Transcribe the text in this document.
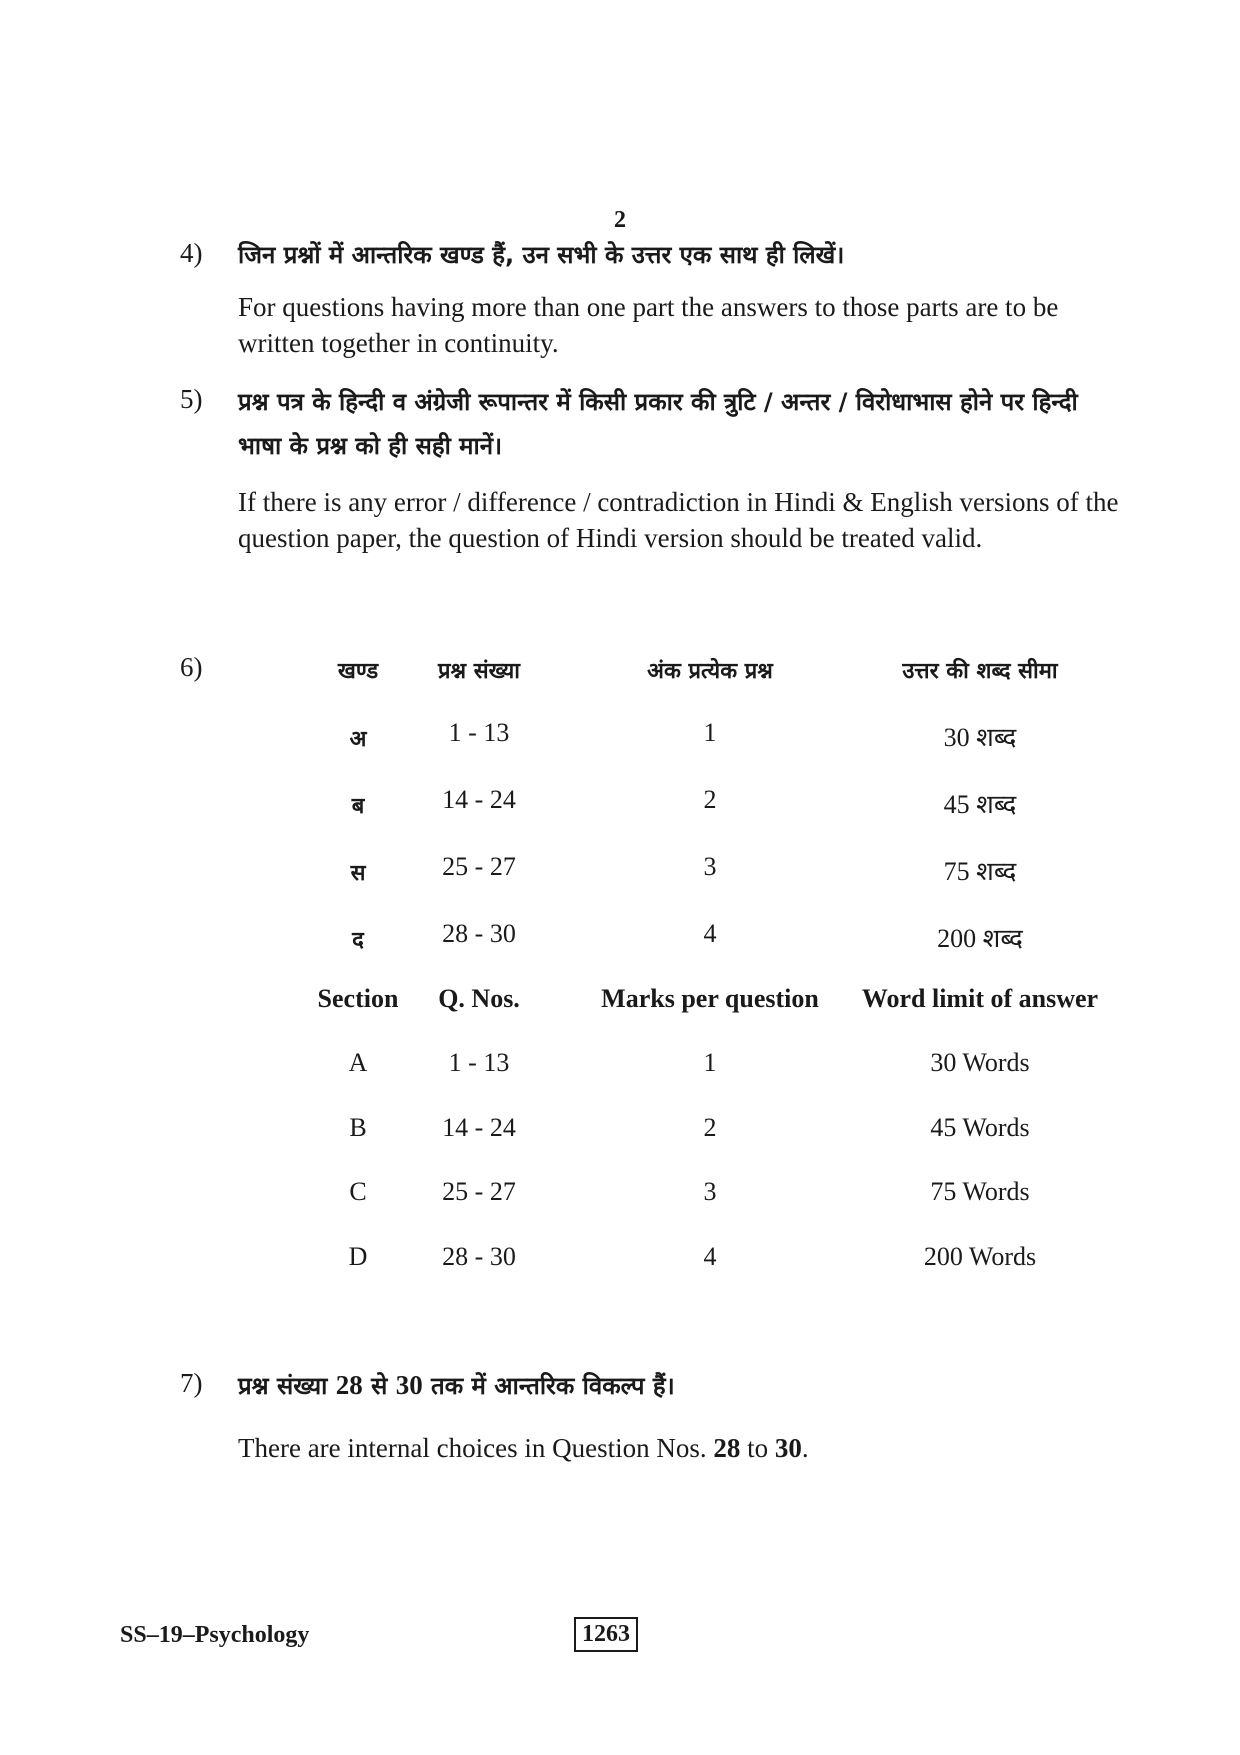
2
4) जिन प्रश्नों में आन्तरिक खण्ड हैं, उन सभी के उत्तर एक साथ ही लिखें।
For questions having more than one part the answers to those parts are to be written together in continuity.
5) प्रश्न पत्र के हिन्दी व अंग्रेजी रूपान्तर में किसी प्रकार की त्रुटि / अन्तर / विरोधाभास होने पर हिन्दी भाषा के प्रश्न को ही सही मानें।
If there is any error / difference / contradiction in Hindi & English versions of the question paper, the question of Hindi version should be treated valid.
6)	खण्ड	प्रश्न संख्या	अंक प्रत्येक प्रश्न	उत्तर की शब्द सीमा
अ	1 - 13	1	30 शब्द
ब	14 - 24	2	45 शब्द
स	25 - 27	3	75 शब्द
द	28 - 30	4	200 शब्द
Section	Q. Nos.	Marks per question	Word limit of answer
A	1 - 13	1	30 Words
B	14 - 24	2	45 Words
C	25 - 27	3	75 Words
D	28 - 30	4	200 Words
7) प्रश्न संख्या 28 से 30 तक में आन्तरिक विकल्प हैं।
There are internal choices in Question Nos. 28 to 30.
SS–19–Psychology	1263
